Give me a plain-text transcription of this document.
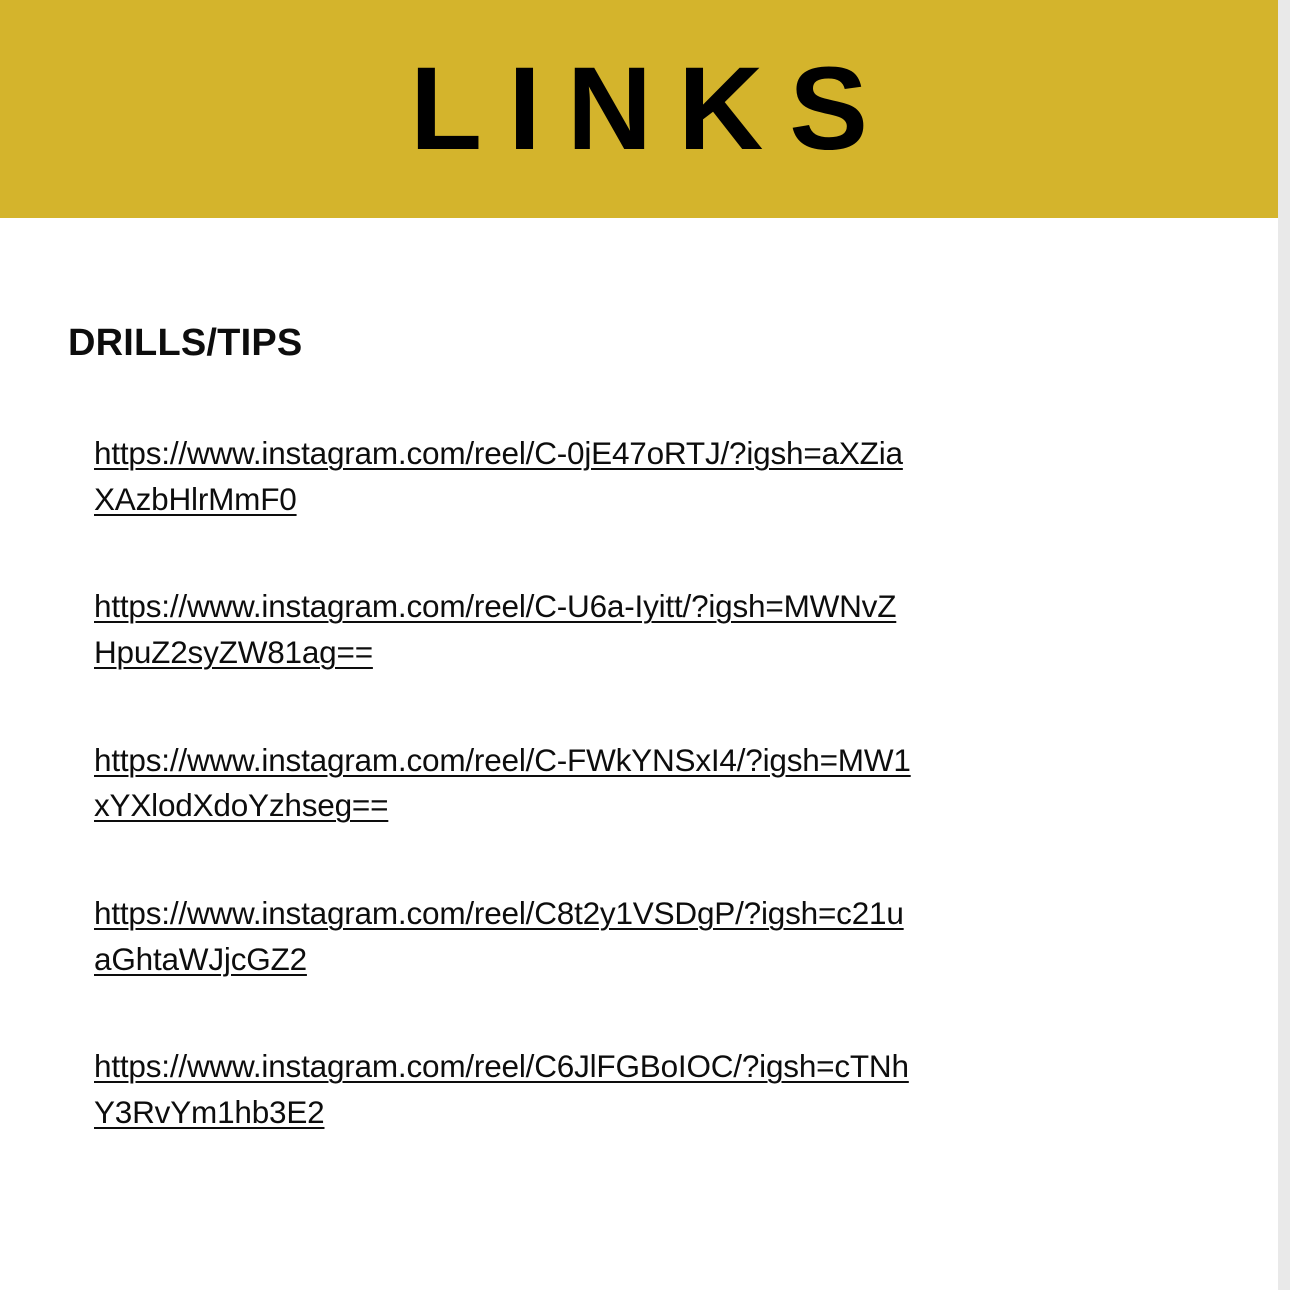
LINKS
DRILLS/TIPS
https://www.instagram.com/reel/C-0jE47oRTJ/?igsh=aXZiaXAzbHlrMmF0
https://www.instagram.com/reel/C-U6a-Iyitt/?igsh=MWNvZHpuZ2syZW81ag==
https://www.instagram.com/reel/C-FWkYNSxI4/?igsh=MW1xYXlodXdoYzhseg==
https://www.instagram.com/reel/C8t2y1VSDgP/?igsh=c21uaGhtaWJjcGZ2
https://www.instagram.com/reel/C6JlFGBoIOC/?igsh=cTNhY3RvYm1hb3E2
